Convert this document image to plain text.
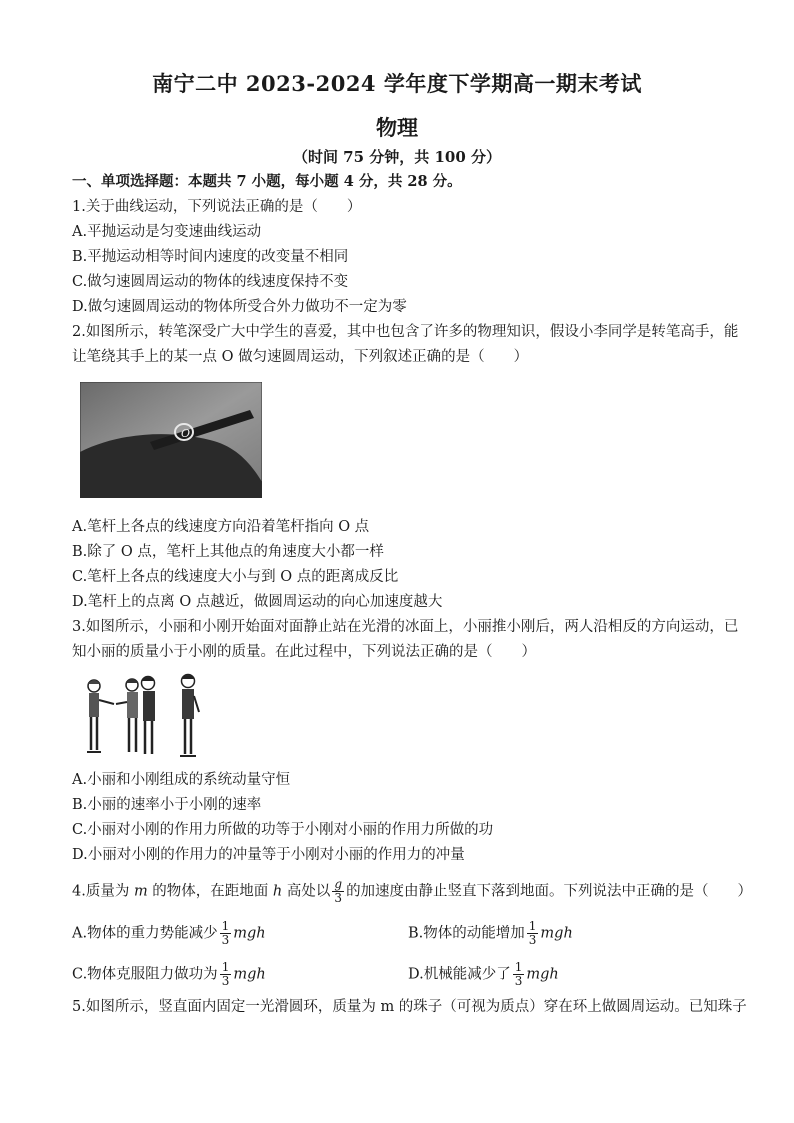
南宁二中 2023-2024 学年度下学期高一期末考试
物理
（时间 75 分钟，共 100 分）
一、单项选择题：本题共 7 小题，每小题 4 分，共 28 分。
1.关于曲线运动，下列说法正确的是（　　）
A.平抛运动是匀变速曲线运动
B.平抛运动相等时间内速度的改变量不相同
C.做匀速圆周运动的物体的线速度保持不变
D.做匀速圆周运动的物体所受合外力做功不一定为零
2.如图所示，转笔深受广大中学生的喜爱，其中也包含了许多的物理知识，假设小李同学是转笔高手，能
让笔绕其手上的某一点 O 做匀速圆周运动，下列叙述正确的是（　　）
O
A.笔杆上各点的线速度方向沿着笔杆指向 O 点
B.除了 O 点，笔杆上其他点的角速度大小都一样
C.笔杆上各点的线速度大小与到 O 点的距离成反比
D.笔杆上的点离 O 点越近，做圆周运动的向心加速度越大
3.如图所示，小丽和小刚开始面对面静止站在光滑的冰面上，小丽推小刚后，两人沿相反的方向运动，已
知小丽的质量小于小刚的质量。在此过程中，下列说法正确的是（　　）
A.小丽和小刚组成的系统动量守恒
B.小丽的速率小于小刚的速率
C.小丽对小刚的作用力所做的功等于小刚对小丽的作用力所做的功
D.小丽对小刚的作用力的冲量等于小刚对小丽的作用力的冲量
4.质量为 m 的物体，在距地面 h 高处以 $\frac{g}{3}$ 的加速度由静止竖直下落到地面。下列说法中正确的是（　　）
A.物体的重力势能减少 $\frac{1}{3}$ mgh	B.物体的动能增加 $\frac{1}{3}$ mgh
C.物体克服阻力做功为 $\frac{1}{3}$ mgh	D.机械能减少了 $\frac{1}{3}$ mgh
5.如图所示，竖直面内固定一光滑圆环，质量为 m 的珠子（可视为质点）穿在环上做圆周运动。已知珠子
